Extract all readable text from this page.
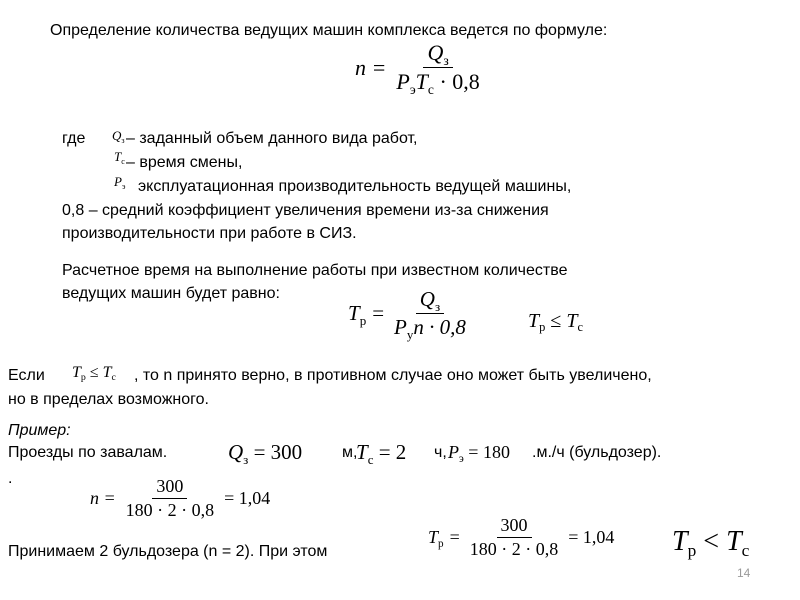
Определение количества ведущих машин комплекса ведется по формуле:
$n = \frac{Q_з}{P_эT_с \cdot 0,8}$
где $Q_з$ – заданный объем данного вида работ,
$T_с$ – время смены,
$P_э$ эксплуатационная производительность ведущей машины,
0,8 – средний коэффициент увеличения времени из-за снижения
производительности при работе в СИЗ.
Расчетное время на выполнение работы при известном количестве
ведущих машин будет равно:
$T_р = \frac{Q_з}{P_уn \cdot 0,8}$	$T_р \le T_с$
Если $T_р \le T_с$ , то n принято верно, в противном случае оно может быть увеличено,
но в пределах возможного.
Пример:
Проезды по завалам.	$Q_з = 300$ м,
$T_с = 2$ ч, $P_э = 180$ .м./ч (бульдозер).
.
$n = \frac{300}{180 \cdot 2 \cdot 0,8} = 1,04$
Принимаем 2 бульдозера (n = 2). При этом
$T_р = \frac{300}{180 \cdot 2 \cdot 0,8} = 1,04$ $T_р < T_с$
14
